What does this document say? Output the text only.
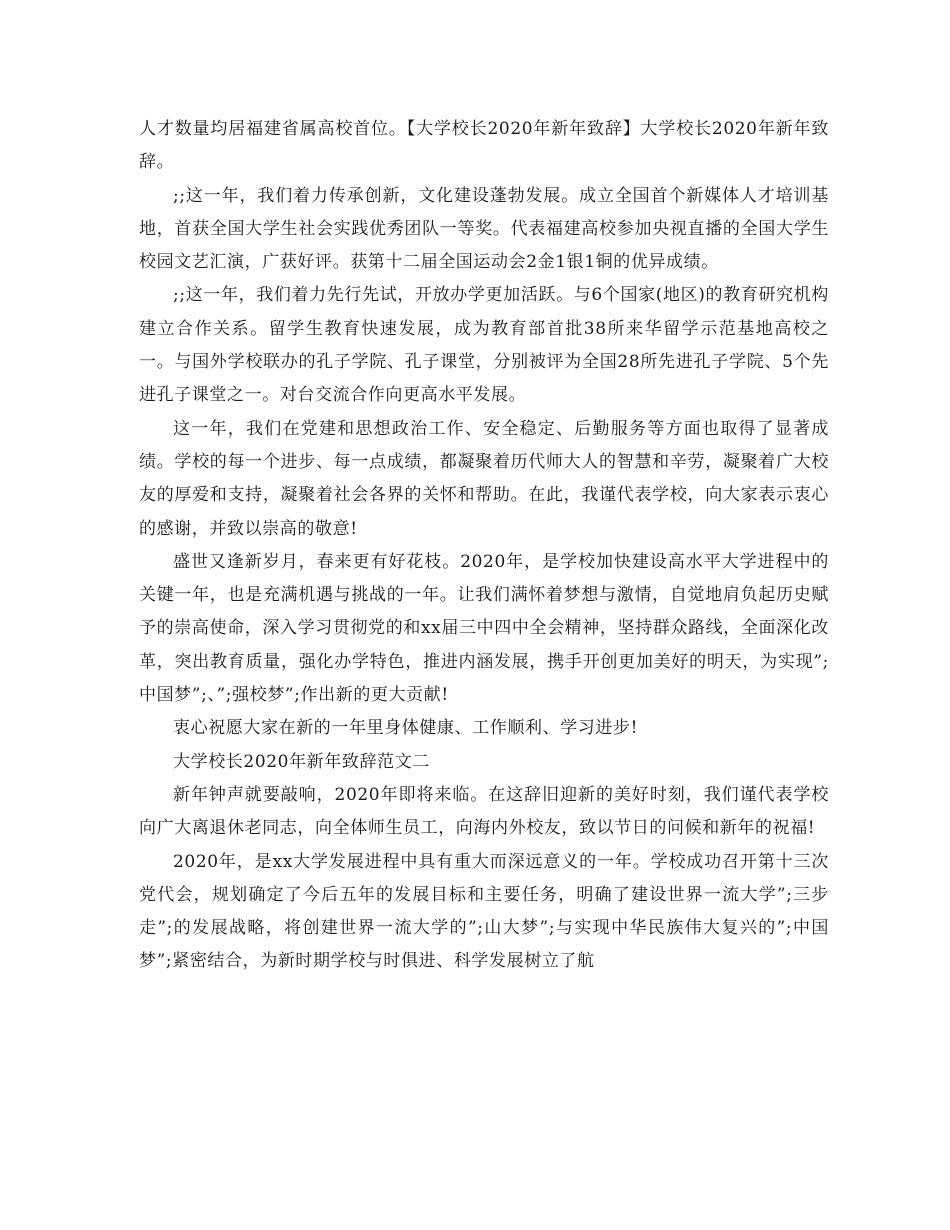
人才数量均居福建省属高校首位。【大学校长2020年新年致辞】大学校长2020年新年致辞。

;;这一年，我们着力传承创新，文化建设蓬勃发展。成立全国首个新媒体人才培训基地，首获全国大学生社会实践优秀团队一等奖。代表福建高校参加央视直播的全国大学生校园文艺汇演，广获好评。获第十二届全国运动会2金1银1铜的优异成绩。

;;这一年，我们着力先行先试，开放办学更加活跃。与6个国家(地区)的教育研究机构建立合作关系。留学生教育快速发展，成为教育部首批38所来华留学示范基地高校之一。与国外学校联办的孔子学院、孔子课堂，分别被评为全国28所先进孔子学院、5个先进孔子课堂之一。对台交流合作向更高水平发展。

这一年，我们在党建和思想政治工作、安全稳定、后勤服务等方面也取得了显著成绩。学校的每一个进步、每一点成绩，都凝聚着历代师大人的智慧和辛劳，凝聚着广大校友的厚爱和支持，凝聚着社会各界的关怀和帮助。在此，我谨代表学校，向大家表示衷心的感谢，并致以崇高的敬意!

盛世又逢新岁月，春来更有好花枝。2020年，是学校加快建设高水平大学进程中的关键一年，也是充满机遇与挑战的一年。让我们满怀着梦想与激情，自觉地肩负起历史赋予的崇高使命，深入学习贯彻党的和xx届三中四中全会精神，坚持群众路线，全面深化改革，突出教育质量，强化办学特色，推进内涵发展，携手开创更加美好的明天，为实现”;中国梦”;、”;强校梦”;作出新的更大贡献!

衷心祝愿大家在新的一年里身体健康、工作顺利、学习进步!

大学校长2020年新年致辞范文二

新年钟声就要敲响，2020年即将来临。在这辞旧迎新的美好时刻，我们谨代表学校向广大离退休老同志，向全体师生员工，向海内外校友，致以节日的问候和新年的祝福!

2020年，是xx大学发展进程中具有重大而深远意义的一年。学校成功召开第十三次党代会，规划确定了今后五年的发展目标和主要任务，明确了建设世界一流大学”;三步走”;的发展战略，将创建世界一流大学的”;山大梦”;与实现中华民族伟大复兴的”;中国梦”;紧密结合，为新时期学校与时俱进、科学发展树立了航
